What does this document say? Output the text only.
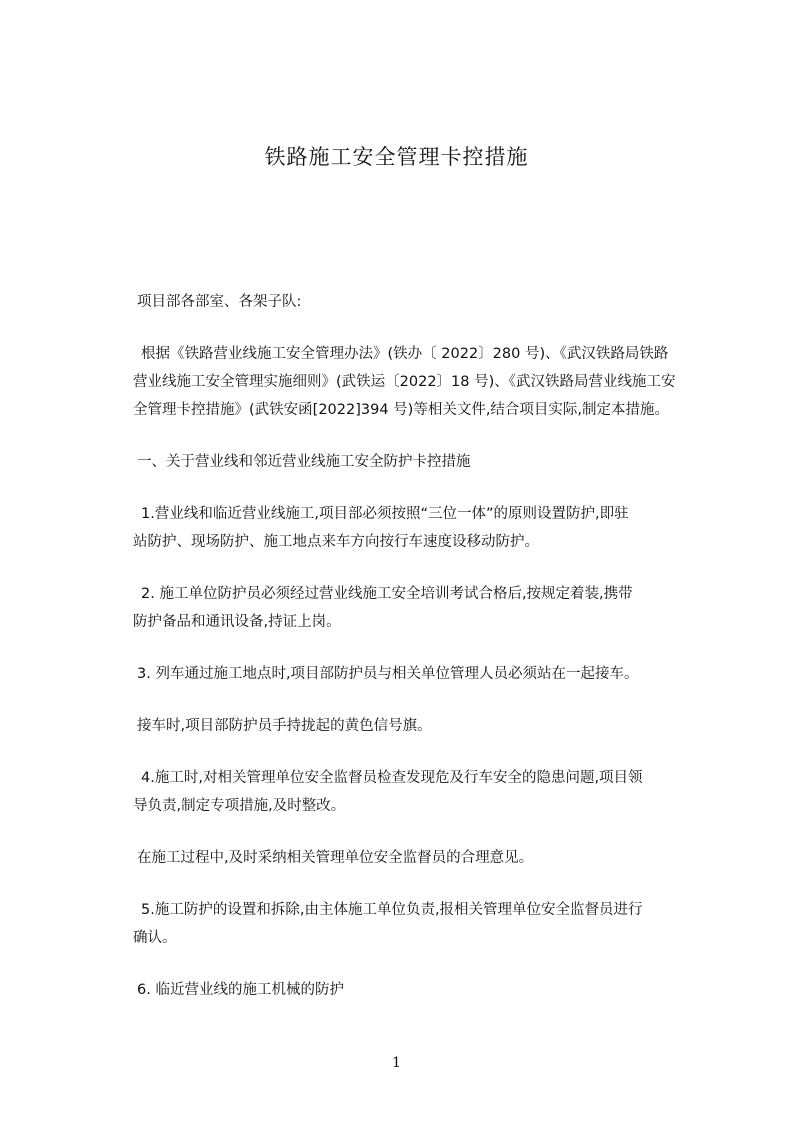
铁路施工安全管理卡控措施
项目部各部室、各架子队:
根据《铁路营业线施工安全管理办法》(铁办〔 2022〕280 号)、《武汉铁路局铁路
营业线施工安全管理实施细则》(武铁运〔2022〕18 号)、《武汉铁路局营业线施工安
全管理卡控措施》(武铁安函[2022]394 号)等相关文件,结合项目实际,制定本措施。
一、关于营业线和邻近营业线施工安全防护卡控措施
1.营业线和临近营业线施工,项目部必须按照“三位一体”的原则设置防护,即驻
站防护、现场防护、施工地点来车方向按行车速度设移动防护。
2. 施工单位防护员必须经过营业线施工安全培训考试合格后,按规定着装,携带
防护备品和通讯设备,持证上岗。
3. 列车通过施工地点时,项目部防护员与相关单位管理人员必须站在一起接车。
接车时,项目部防护员手持拢起的黄色信号旗。
4.施工时,对相关管理单位安全监督员检查发现危及行车安全的隐患问题,项目领
导负责,制定专项措施,及时整改。
在施工过程中,及时采纳相关管理单位安全监督员的合理意见。
5.施工防护的设置和拆除,由主体施工单位负责,报相关管理单位安全监督员进行
确认。
6. 临近营业线的施工机械的防护
1
